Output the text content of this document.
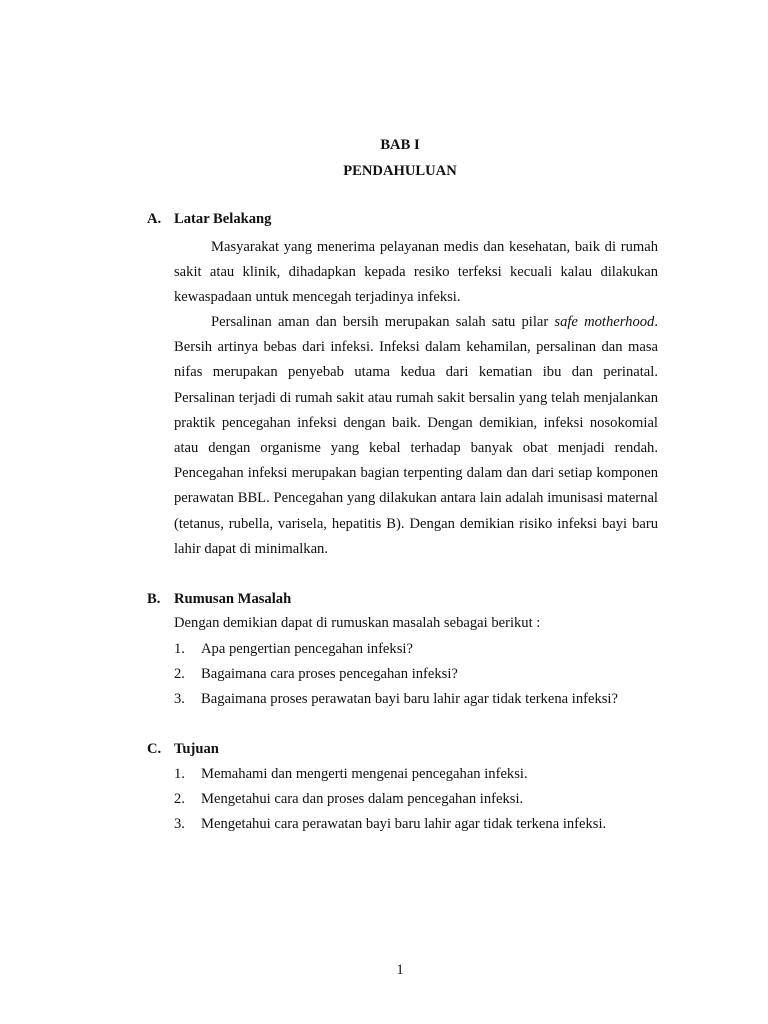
BAB I
PENDAHULUAN
A. Latar Belakang
Masyarakat yang menerima pelayanan medis dan kesehatan, baik di rumah sakit atau klinik, dihadapkan kepada resiko terfeksi kecuali kalau dilakukan kewaspadaan untuk mencegah terjadinya infeksi.
Persalinan aman dan bersih merupakan salah satu pilar safe motherhood. Bersih artinya bebas dari infeksi. Infeksi dalam kehamilan, persalinan dan masa nifas merupakan penyebab utama kedua dari kematian ibu dan perinatal. Persalinan terjadi di rumah sakit atau rumah sakit bersalin yang telah menjalankan praktik pencegahan infeksi dengan baik. Dengan demikian, infeksi nosokomial atau dengan organisme yang kebal terhadap banyak obat menjadi rendah. Pencegahan infeksi merupakan bagian terpenting dalam dan dari setiap komponen perawatan BBL. Pencegahan yang dilakukan antara lain adalah imunisasi maternal (tetanus, rubella, varisela, hepatitis B). Dengan demikian risiko infeksi bayi baru lahir dapat di minimalkan.
B. Rumusan Masalah
Dengan demikian dapat di rumuskan masalah sebagai berikut :
1. Apa pengertian pencegahan infeksi?
2. Bagaimana cara proses pencegahan infeksi?
3. Bagaimana proses perawatan bayi baru lahir agar tidak terkena infeksi?
C. Tujuan
1. Memahami dan mengerti mengenai pencegahan infeksi.
2. Mengetahui cara dan proses dalam pencegahan infeksi.
3. Mengetahui cara perawatan bayi baru lahir agar tidak terkena infeksi.
1
